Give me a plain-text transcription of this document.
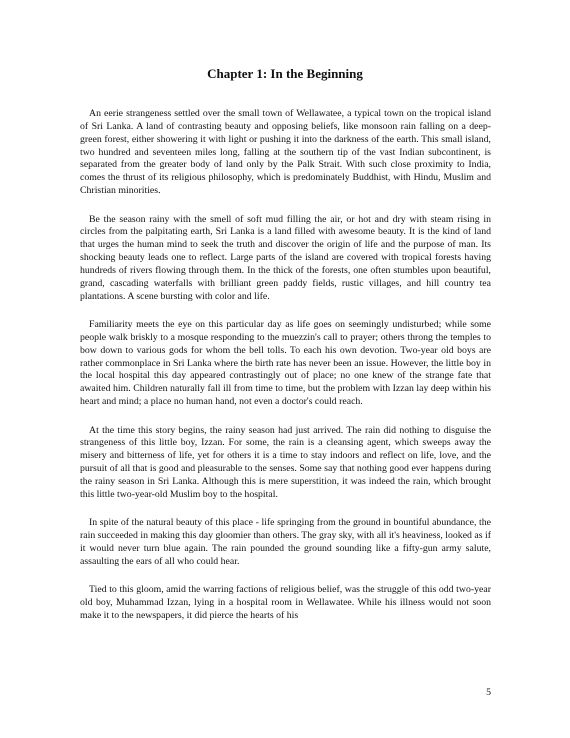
Chapter 1: In the Beginning

An eerie strangeness settled over the small town of Wellawatee, a typical town on the tropical island of Sri Lanka. A land of contrasting beauty and opposing beliefs, like monsoon rain falling on a deep-green forest, either showering it with light or pushing it into the darkness of the earth. This small island, two hundred and seventeen miles long, falling at the southern tip of the vast Indian subcontinent, is separated from the greater body of land only by the Palk Strait. With such close proximity to India, comes the thrust of its religious philosophy, which is predominately Buddhist, with Hindu, Muslim and Christian minorities.

Be the season rainy with the smell of soft mud filling the air, or hot and dry with steam rising in circles from the palpitating earth, Sri Lanka is a land filled with awesome beauty. It is the kind of land that urges the human mind to seek the truth and discover the origin of life and the purpose of man. Its shocking beauty leads one to reflect. Large parts of the island are covered with tropical forests having hundreds of rivers flowing through them. In the thick of the forests, one often stumbles upon beautiful, grand, cascading waterfalls with brilliant green paddy fields, rustic villages, and hill country tea plantations. A scene bursting with color and life.

Familiarity meets the eye on this particular day as life goes on seemingly undisturbed; while some people walk briskly to a mosque responding to the muezzin's call to prayer; others throng the temples to bow down to various gods for whom the bell tolls. To each his own devotion. Two-year old boys are rather commonplace in Sri Lanka where the birth rate has never been an issue. However, the little boy in the local hospital this day appeared contrastingly out of place; no one knew of the strange fate that awaited him. Children naturally fall ill from time to time, but the problem with Izzan lay deep within his heart and mind; a place no human hand, not even a doctor's could reach.

At the time this story begins, the rainy season had just arrived. The rain did nothing to disguise the strangeness of this little boy, Izzan. For some, the rain is a cleansing agent, which sweeps away the misery and bitterness of life, yet for others it is a time to stay indoors and reflect on life, love, and the pursuit of all that is good and pleasurable to the senses. Some say that nothing good ever happens during the rainy season in Sri Lanka. Although this is mere superstition, it was indeed the rain, which brought this little two-year-old Muslim boy to the hospital.

In spite of the natural beauty of this place - life springing from the ground in bountiful abundance, the rain succeeded in making this day gloomier than others. The gray sky, with all it's heaviness, looked as if it would never turn blue again. The rain pounded the ground sounding like a fifty-gun army salute, assaulting the ears of all who could hear.

Tied to this gloom, amid the warring factions of religious belief, was the struggle of this odd two-year old boy, Muhammad Izzan, lying in a hospital room in Wellawatee. While his illness would not soon make it to the newspapers, it did pierce the hearts of his

5
